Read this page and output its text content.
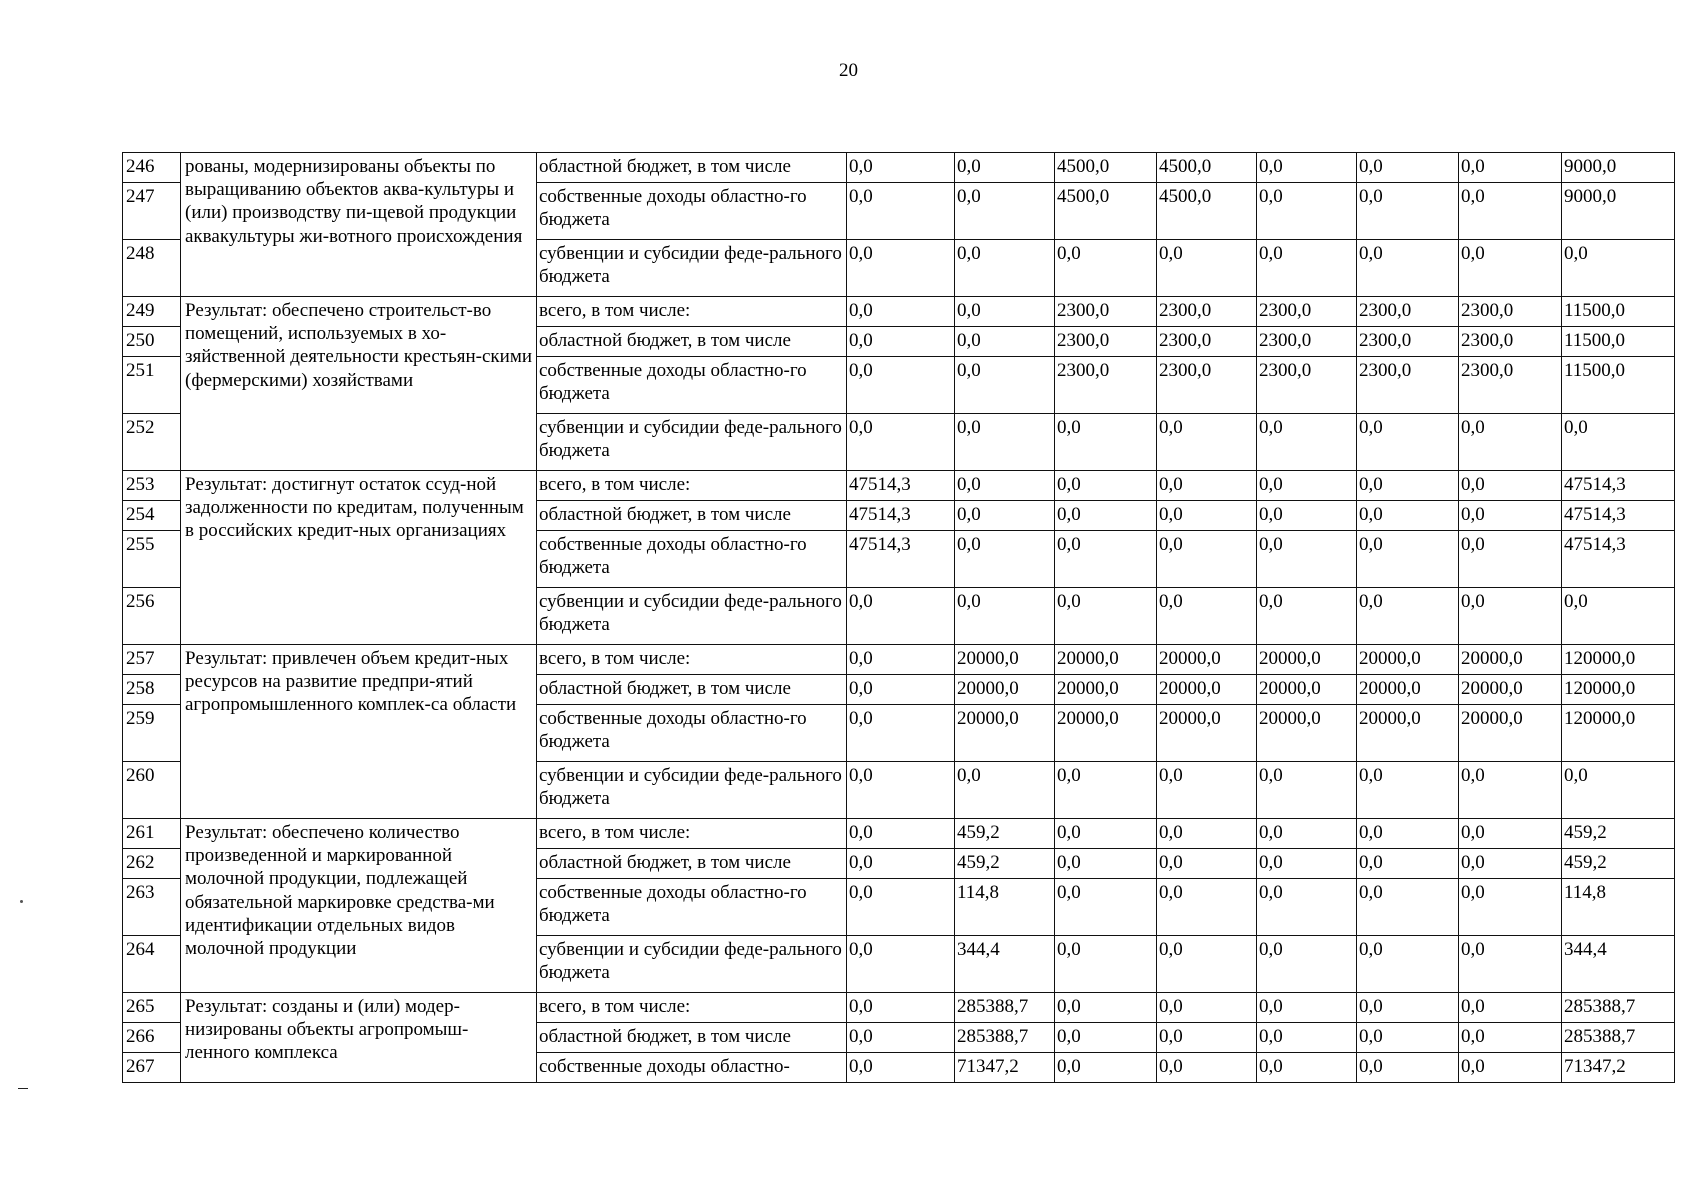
20
246	рованы, модернизированы объекты по выращиванию объектов аква-культуры и (или) производству пи-щевой продукции аквакультуры жи-вотного происхождения	областной бюджет, в том числе	0,0	0,0	4500,0	4500,0	0,0	0,0	0,0	9000,0
247		собственные доходы областно-го бюджета	0,0	0,0	4500,0	4500,0	0,0	0,0	0,0	9000,0
248		субвенции и субсидии феде-рального бюджета	0,0	0,0	0,0	0,0	0,0	0,0	0,0	0,0
249	Результат: обеспечено строительст-во помещений, используемых в хо-зяйственной деятельности крестьян-скими (фермерскими) хозяйствами	всего, в том числе:	0,0	0,0	2300,0	2300,0	2300,0	2300,0	2300,0	11500,0
250		областной бюджет, в том числе	0,0	0,0	2300,0	2300,0	2300,0	2300,0	2300,0	11500,0
251		собственные доходы областно-го бюджета	0,0	0,0	2300,0	2300,0	2300,0	2300,0	2300,0	11500,0
252		субвенции и субсидии феде-рального бюджета	0,0	0,0	0,0	0,0	0,0	0,0	0,0	0,0
253	Результат: достигнут остаток ссуд-ной задолженности по кредитам, полученным в российских кредит-ных организациях	всего, в том числе:	47514,3	0,0	0,0	0,0	0,0	0,0	0,0	47514,3
254		областной бюджет, в том числе	47514,3	0,0	0,0	0,0	0,0	0,0	0,0	47514,3
255		собственные доходы областно-го бюджета	47514,3	0,0	0,0	0,0	0,0	0,0	0,0	47514,3
256		субвенции и субсидии феде-рального бюджета	0,0	0,0	0,0	0,0	0,0	0,0	0,0	0,0
257	Результат: привлечен объем кредит-ных ресурсов на развитие предпри-ятий агропромышленного комплек-са области	всего, в том числе:	0,0	20000,0	20000,0	20000,0	20000,0	20000,0	20000,0	120000,0
258		областной бюджет, в том числе	0,0	20000,0	20000,0	20000,0	20000,0	20000,0	20000,0	120000,0
259		собственные доходы областно-го бюджета	0,0	20000,0	20000,0	20000,0	20000,0	20000,0	20000,0	120000,0
260		субвенции и субсидии феде-рального бюджета	0,0	0,0	0,0	0,0	0,0	0,0	0,0	0,0
261	Результат: обеспечено количество произведенной и маркированной молочной продукции, подлежащей обязательной маркировке средства-ми идентификации отдельных видов молочной продукции	всего, в том числе:	0,0	459,2	0,0	0,0	0,0	0,0	0,0	459,2
262		областной бюджет, в том числе	0,0	459,2	0,0	0,0	0,0	0,0	0,0	459,2
263		собственные доходы областно-го бюджета	0,0	114,8	0,0	0,0	0,0	0,0	0,0	114,8
264		субвенции и субсидии феде-рального бюджета	0,0	344,4	0,0	0,0	0,0	0,0	0,0	344,4
265	Результат: созданы и (или) модер-низированы объекты агропромыш-ленного комплекса	всего, в том числе:	0,0	285388,7	0,0	0,0	0,0	0,0	0,0	285388,7
266		областной бюджет, в том числе	0,0	285388,7	0,0	0,0	0,0	0,0	0,0	285388,7
267		собственные доходы областно-	0,0	71347,2	0,0	0,0	0,0	0,0	0,0	71347,2
